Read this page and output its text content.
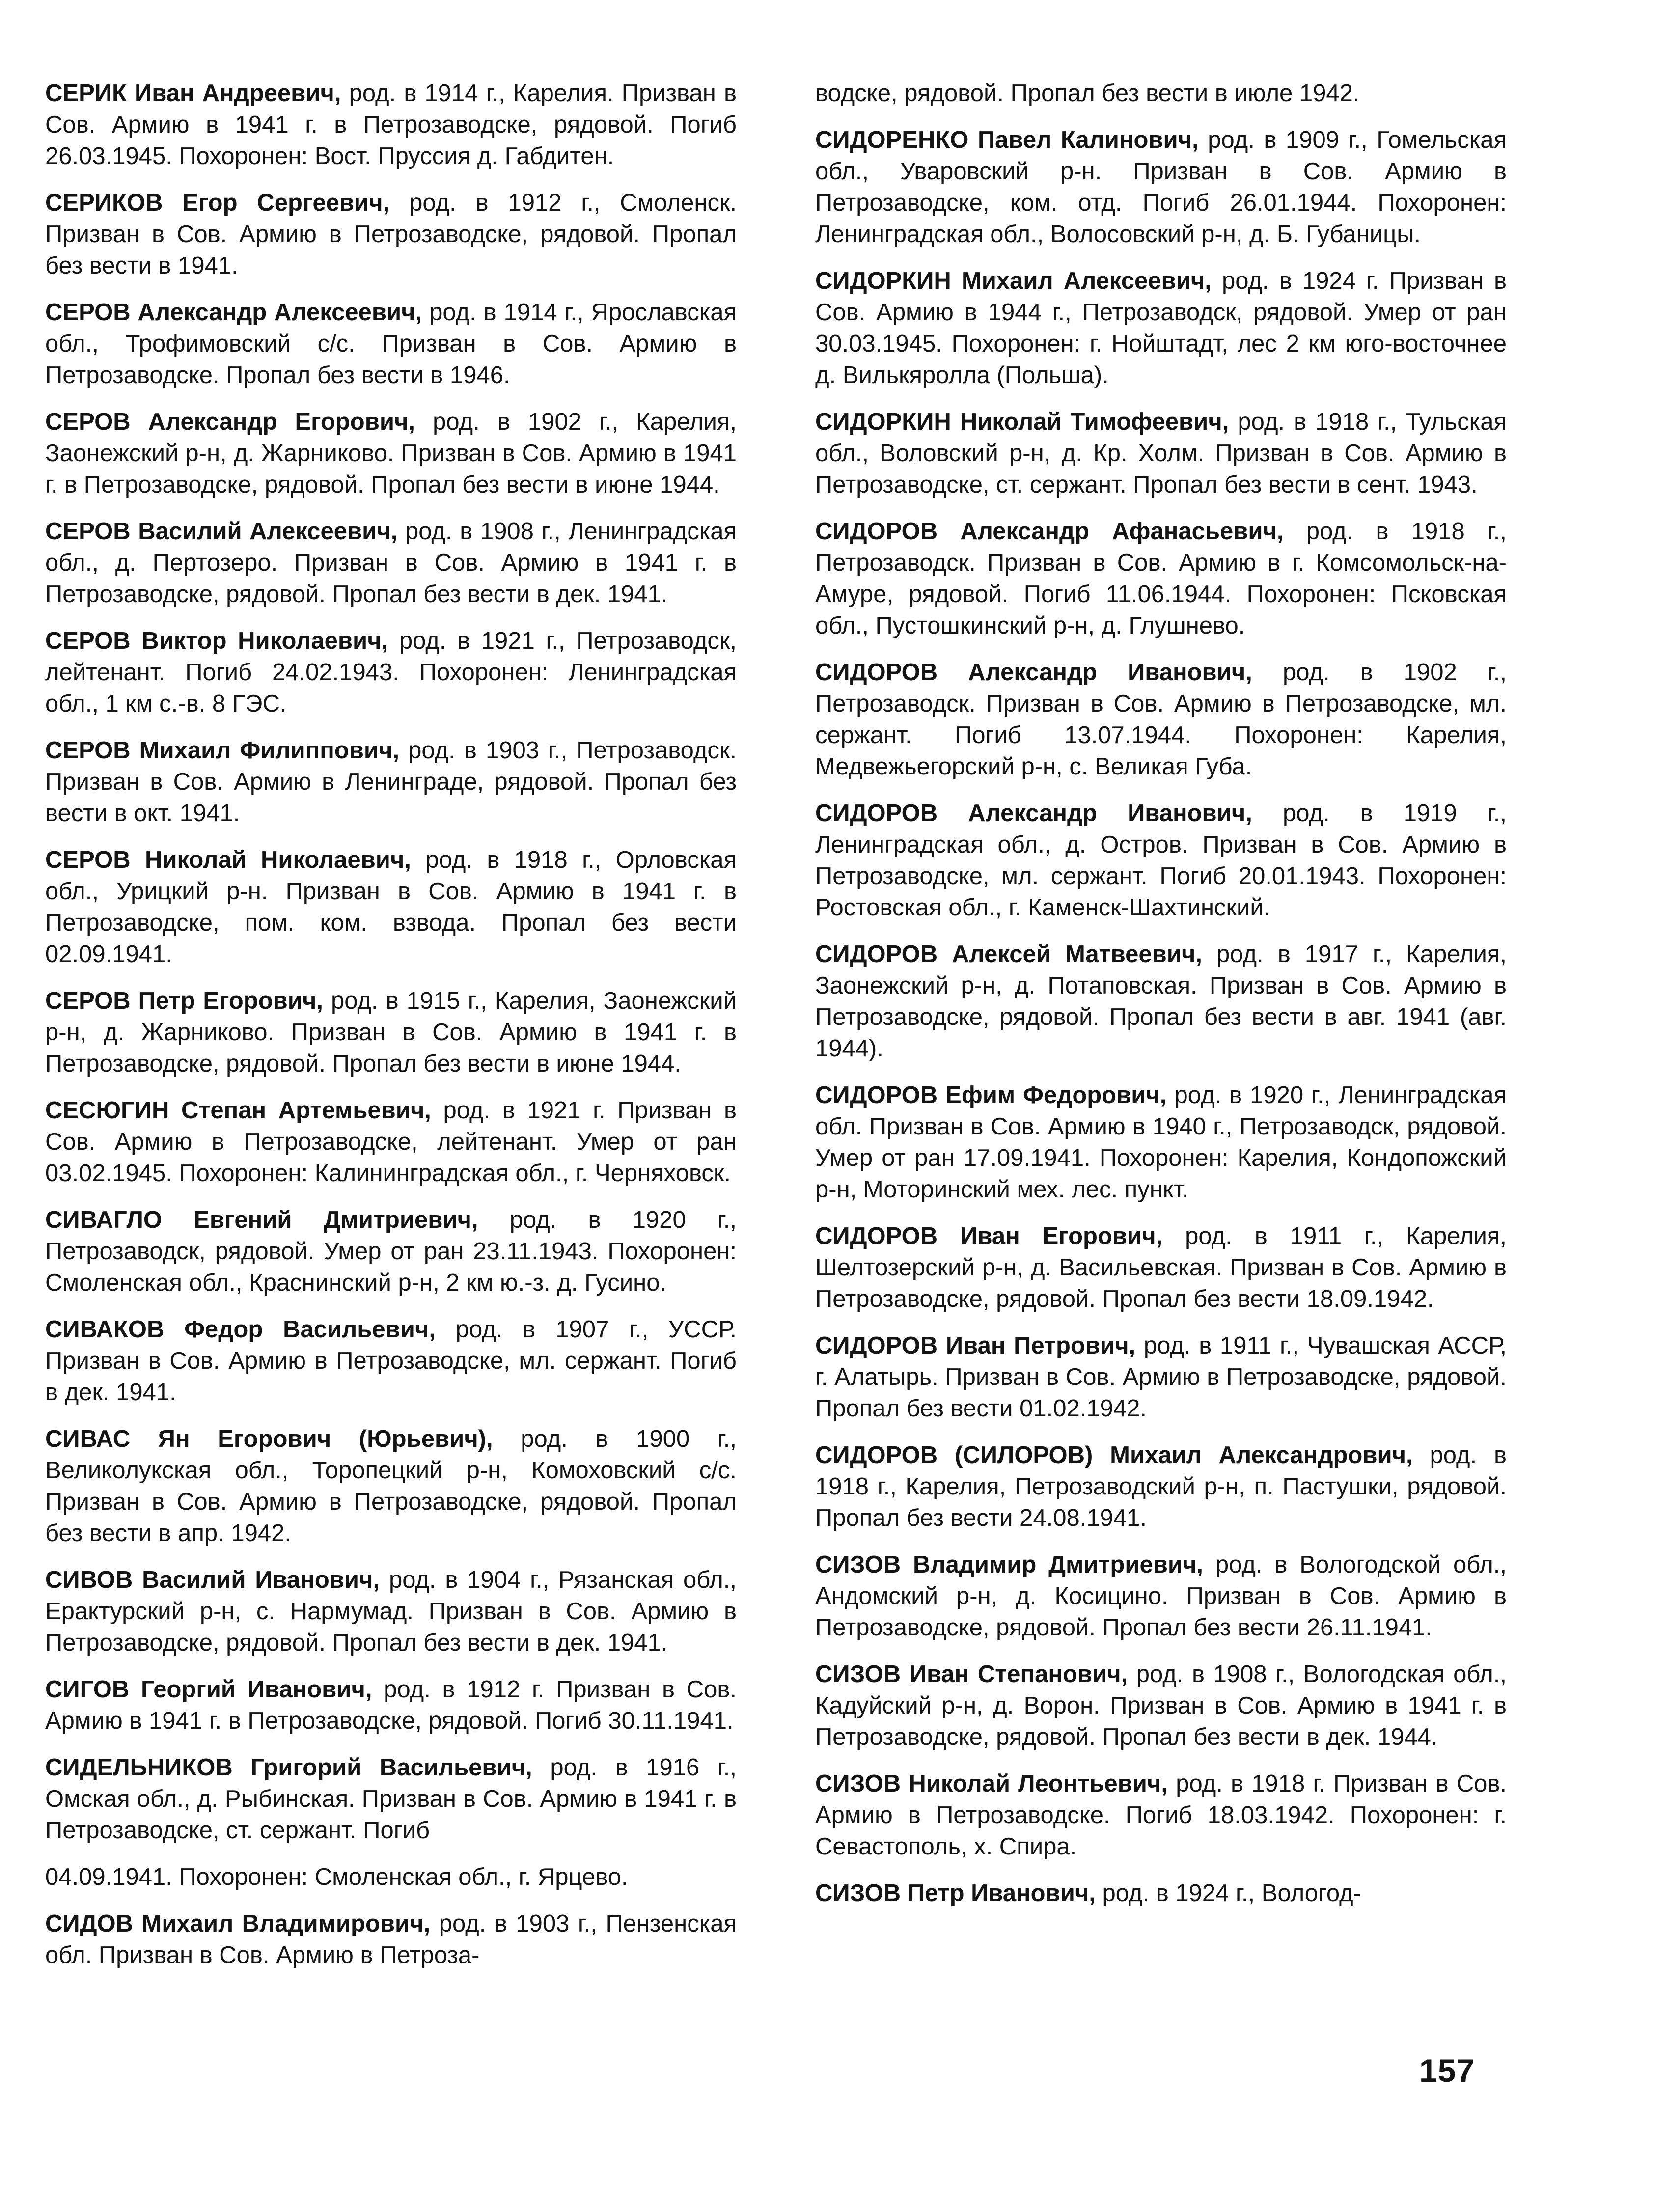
СЕРИК Иван Андреевич, род. в 1914 г., Карелия. Призван в Сов. Армию в 1941 г. в Петрозаводске, рядовой. Погиб 26.03.1945. Похоронен: Вост. Пруссия д. Габдитен.

СЕРИКОВ Егор Сергеевич, род. в 1912 г., Смоленск. Призван в Сов. Армию в Петрозаводске, рядовой. Пропал без вести в 1941.

СЕРОВ Александр Алексеевич, род. в 1914 г., Ярославская обл., Трофимовский с/с. Призван в Сов. Армию в Петрозаводске. Пропал без вести в 1946.

СЕРОВ Александр Егорович, род. в 1902 г., Карелия, Заонежский р-н, д. Жарниково. Призван в Сов. Армию в 1941 г. в Петрозаводске, рядовой. Пропал без вести в июне 1944.

СЕРОВ Василий Алексеевич, род. в 1908 г., Ленинградская обл., д. Пертозеро. Призван в Сов. Армию в 1941 г. в Петрозаводске, рядовой. Пропал без вести в дек. 1941.

СЕРОВ Виктор Николаевич, род. в 1921 г., Петрозаводск, лейтенант. Погиб 24.02.1943. Похоронен: Ленинградская обл., 1 км с.-в. 8 ГЭС.

СЕРОВ Михаил Филиппович, род. в 1903 г., Петрозаводск. Призван в Сов. Армию в Ленинграде, рядовой. Пропал без вести в окт. 1941.

СЕРОВ Николай Николаевич, род. в 1918 г., Орловская обл., Урицкий р-н. Призван в Сов. Армию в 1941 г. в Петрозаводске, пом. ком. взвода. Пропал без вести 02.09.1941.

СЕРОВ Петр Егорович, род. в 1915 г., Карелия, Заонежский р-н, д. Жарниково. Призван в Сов. Армию в 1941 г. в Петрозаводске, рядовой. Пропал без вести в июне 1944.

СЕСЮГИН Степан Артемьевич, род. в 1921 г. Призван в Сов. Армию в Петрозаводске, лейтенант. Умер от ран 03.02.1945. Похоронен: Калининградская обл., г. Черняховск.

СИВАГЛО Евгений Дмитриевич, род. в 1920 г., Петрозаводск, рядовой. Умер от ран 23.11.1943. Похоронен: Смоленская обл., Краснинский р-н, 2 км ю.-з. д. Гусино.

СИВАКОВ Федор Васильевич, род. в 1907 г., УССР. Призван в Сов. Армию в Петрозаводске, мл. сержант. Погиб в дек. 1941.

СИВАС Ян Егорович (Юрьевич), род. в 1900 г., Великолукская обл., Торопецкий р-н, Комоховский с/с. Призван в Сов. Армию в Петрозаводске, рядовой. Пропал без вести в апр. 1942.

СИВОВ Василий Иванович, род. в 1904 г., Рязанская обл., Ерактурский р-н, с. Нармумад. Призван в Сов. Армию в Петрозаводске, рядовой. Пропал без вести в дек. 1941.

СИГОВ Георгий Иванович, род. в 1912 г. Призван в Сов. Армию в 1941 г. в Петрозаводске, рядовой. Погиб 30.11.1941.

СИДЕЛЬНИКОВ Григорий Васильевич, род. в 1916 г., Омская обл., д. Рыбинская. Призван в Сов. Армию в 1941 г. в Петрозаводске, ст. сержант. Погиб

04.09.1941. Похоронен: Смоленская обл., г. Ярцево.

СИДОВ Михаил Владимирович, род. в 1903 г., Пензенская обл. Призван в Сов. Армию в Петроза-

водске, рядовой. Пропал без вести в июле 1942.

СИДОРЕНКО Павел Калинович, род. в 1909 г., Гомельская обл., Уваровский р-н. Призван в Сов. Армию в Петрозаводске, ком. отд. Погиб 26.01.1944. Похоронен: Ленинградская обл., Волосовский р-н, д. Б. Губаницы.

СИДОРКИН Михаил Алексеевич, род. в 1924 г. Призван в Сов. Армию в 1944 г., Петрозаводск, рядовой. Умер от ран 30.03.1945. Похоронен: г. Нойштадт, лес 2 км юго-восточнее д. Вилькяролла (Польша).

СИДОРКИН Николай Тимофеевич, род. в 1918 г., Тульская обл., Воловский р-н, д. Кр. Холм. Призван в Сов. Армию в Петрозаводске, ст. сержант. Пропал без вести в сент. 1943.

СИДОРОВ Александр Афанасьевич, род. в 1918 г., Петрозаводск. Призван в Сов. Армию в г. Комсомольск-на-Амуре, рядовой. Погиб 11.06.1944. Похоронен: Псковская обл., Пустошкинский р-н, д. Глушнево.

СИДОРОВ Александр Иванович, род. в 1902 г., Петрозаводск. Призван в Сов. Армию в Петрозаводске, мл. сержант. Погиб 13.07.1944. Похоронен: Карелия, Медвежьегорский р-н, с. Великая Губа.

СИДОРОВ Александр Иванович, род. в 1919 г., Ленинградская обл., д. Остров. Призван в Сов. Армию в Петрозаводске, мл. сержант. Погиб 20.01.1943. Похоронен: Ростовская обл., г. Каменск-Шахтинский.

СИДОРОВ Алексей Матвеевич, род. в 1917 г., Карелия, Заонежский р-н, д. Потаповская. Призван в Сов. Армию в Петрозаводске, рядовой. Пропал без вести в авг. 1941 (авг. 1944).

СИДОРОВ Ефим Федорович, род. в 1920 г., Ленинградская обл. Призван в Сов. Армию в 1940 г., Петрозаводск, рядовой. Умер от ран 17.09.1941. Похоронен: Карелия, Кондопожский р-н, Моторинский мех. лес. пункт.

СИДОРОВ Иван Егорович, род. в 1911 г., Карелия, Шелтозерский р-н, д. Васильевская. Призван в Сов. Армию в Петрозаводске, рядовой. Пропал без вести 18.09.1942.

СИДОРОВ Иван Петрович, род. в 1911 г., Чувашская АССР, г. Алатырь. Призван в Сов. Армию в Петрозаводске, рядовой. Пропал без вести 01.02.1942.

СИДОРОВ (СИЛОРОВ) Михаил Александрович, род. в 1918 г., Карелия, Петрозаводский р-н, п. Пастушки, рядовой. Пропал без вести 24.08.1941.

СИЗОВ Владимир Дмитриевич, род. в Вологодской обл., Андомский р-н, д. Косицино. Призван в Сов. Армию в Петрозаводске, рядовой. Пропал без вести 26.11.1941.

СИЗОВ Иван Степанович, род. в 1908 г., Вологодская обл., Кадуйский р-н, д. Ворон. Призван в Сов. Армию в 1941 г. в Петрозаводске, рядовой. Пропал без вести в дек. 1944.

СИЗОВ Николай Леонтьевич, род. в 1918 г. Призван в Сов. Армию в Петрозаводске. Погиб 18.03.1942. Похоронен: г. Севастополь, х. Спира.

СИЗОВ Петр Иванович, род. в 1924 г., Вологод-

157
